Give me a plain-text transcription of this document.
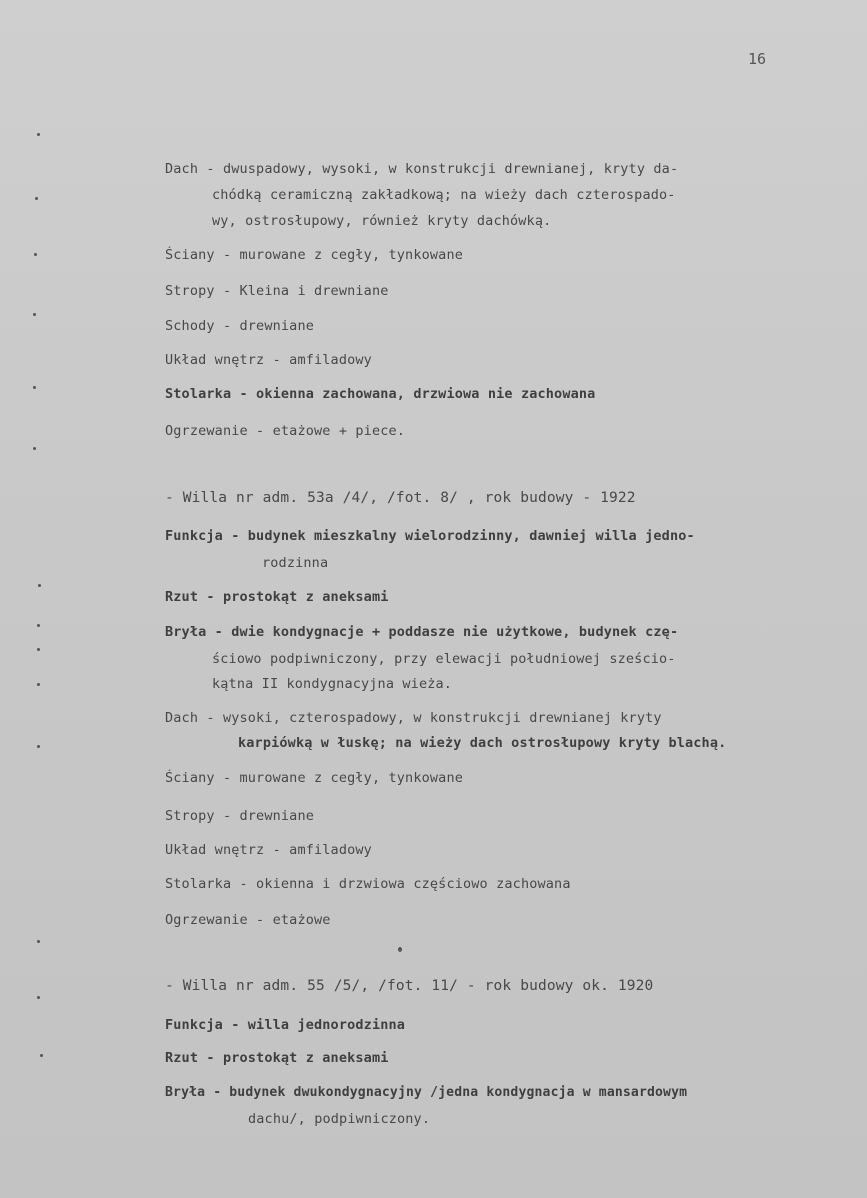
16
Dach - dwuspadowy, wysoki, w konstrukcji drewnianej, kryty da-
chódką ceramiczną zakładkową; na wieży dach czterospado-
wy, ostrosłupowy, również kryty dachówką.
Ściany - murowane z cegły, tynkowane
Stropy - Kleina i drewniane
Schody - drewniane
Układ wnętrz - amfiladowy
Stolarka - okienna zachowana, drzwiowa nie zachowana
Ogrzewanie - etażowe + piece.
- Willa nr adm. 53a /4/, /fot. 8/ , rok budowy - 1922
Funkcja - budynek mieszkalny wielorodzinny, dawniej willa jedno-
rodzinna
Rzut - prostokąt z aneksami
Bryła - dwie kondygnacje + poddasze nie użytkowe, budynek czę-
ściowo podpiwniczony, przy elewacji południowej sześcio-
kątna II kondygnacyjna wieża.
Dach - wysoki, czterospadowy, w konstrukcji drewnianej kryty
karpiówką w łuskę; na wieży dach ostrosłupowy kryty blachą.
Ściany - murowane z cegły, tynkowane
Stropy - drewniane
Układ wnętrz - amfiladowy
Stolarka - okienna i drzwiowa częściowo zachowana
Ogrzewanie - etażowe
- Willa nr adm. 55 /5/, /fot. 11/ - rok budowy ok. 1920
Funkcja - willa jednorodzinna
Rzut - prostokąt z aneksami
Bryła - budynek dwukondygnacyjny /jedna kondygnacja w mansardowym
dachu/, podpiwniczony.
